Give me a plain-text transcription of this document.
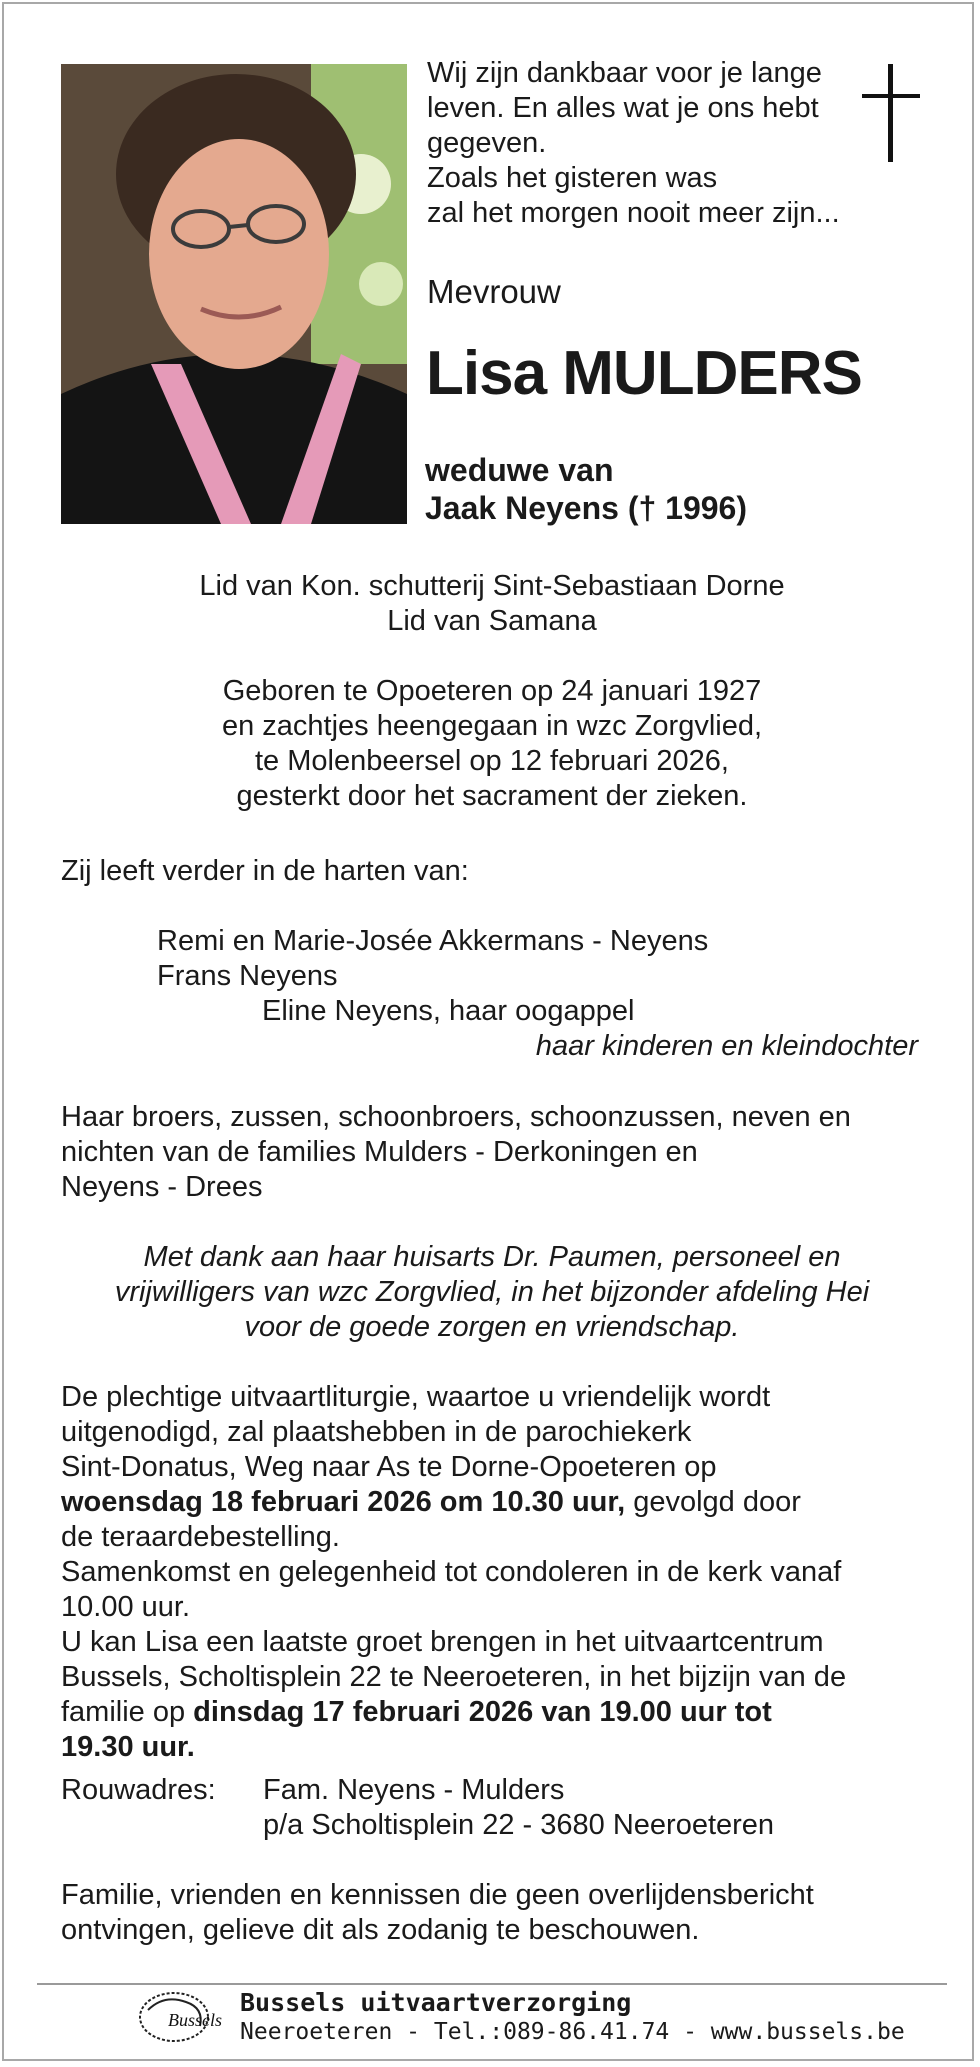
Wij zijn dankbaar voor je lange
leven. En alles wat je ons hebt
gegeven.
Zoals het gisteren was
zal het morgen nooit meer zijn...
Mevrouw
Lisa MULDERS
weduwe van
Jaak Neyens († 1996)
Lid van Kon. schutterij Sint-Sebastiaan Dorne
Lid van Samana
Geboren te Opoeteren op 24 januari 1927
en zachtjes heengegaan in wzc Zorgvlied,
te Molenbeersel op 12 februari 2026,
gesterkt door het sacrament der zieken.
Zij leeft verder in de harten van:
Remi en Marie-Josée Akkermans - Neyens
Frans Neyens
Eline Neyens, haar oogappel
haar kinderen en kleindochter
Haar broers, zussen, schoonbroers, schoonzussen, neven en
nichten van de families Mulders - Derkoningen en
Neyens - Drees
Met dank aan haar huisarts Dr. Paumen, personeel en
vrijwilligers van wzc Zorgvlied, in het bijzonder afdeling Hei
voor de goede zorgen en vriendschap.
De plechtige uitvaartliturgie, waartoe u vriendelijk wordt
uitgenodigd, zal plaatshebben in de parochiekerk
Sint-Donatus, Weg naar As te Dorne-Opoeteren op
woensdag 18 februari 2026 om 10.30 uur, gevolgd door
de teraardebestelling.
Samenkomst en gelegenheid tot condoleren in de kerk vanaf
10.00 uur.
U kan Lisa een laatste groet brengen in het uitvaartcentrum
Bussels, Scholtisplein 22 te Neeroeteren, in het bijzijn van de
familie op dinsdag 17 februari 2026 van 19.00 uur tot
19.30 uur.
Rouwadres: Fam. Neyens - Mulders
p/a Scholtisplein 22 - 3680 Neeroeteren
Familie, vrienden en kennissen die geen overlijdensbericht
ontvingen, gelieve dit als zodanig te beschouwen.
Bussels
Bussels uitvaartverzorging
Neeroeteren - Tel.:089-86.41.74 - www.bussels.be
